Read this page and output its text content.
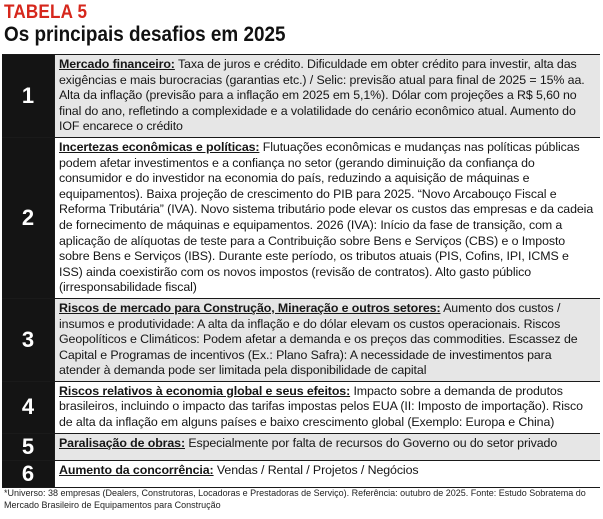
TABELA 5
Os principais desafios em 2025
1
Mercado financeiro: Taxa de juros e crédito. Dificuldade em obter crédito para investir, alta das exigências e mais burocracias (garantias etc.) / Selic: previsão atual para final de 2025 = 15% aa. Alta da inflação (previsão para a inflação em 2025 em 5,1%). Dólar com projeções a R$ 5,60 no final do ano, refletindo a complexidade e a volatilidade do cenário econômico atual. Aumento do IOF encarece o crédito
2
Incertezas econômicas e políticas: Flutuações econômicas e mudanças nas políticas públicas podem afetar investimentos e a confiança no setor (gerando diminuição da confiança do consumidor e do investidor na economia do país, reduzindo a aquisição de máquinas e equipamentos). Baixa projeção de crescimento do PIB para 2025. “Novo Arcabouço Fiscal e Reforma Tributária” (IVA). Novo sistema tributário pode elevar os custos das empresas e da cadeia de fornecimento de máquinas e equipamentos. 2026 (IVA): Início da fase de transição, com a aplicação de alíquotas de teste para a Contribuição sobre Bens e Serviços (CBS) e o Imposto sobre Bens e Serviços (IBS). Durante este período, os tributos atuais (PIS, Cofins, IPI, ICMS e ISS) ainda coexistirão com os novos impostos (revisão de contratos). Alto gasto público (irresponsabilidade fiscal)
3
Riscos de mercado para Construção, Mineração e outros setores: Aumento dos custos / insumos e produtividade: A alta da inflação e do dólar elevam os custos operacionais. Riscos Geopolíticos e Climáticos: Podem afetar a demanda e os preços das commodities. Escassez de Capital e Programas de incentivos (Ex.: Plano Safra): A necessidade de investimentos para atender à demanda pode ser limitada pela disponibilidade de capital
4
Riscos relativos à economia global e seus efeitos: Impacto sobre a demanda de produtos brasileiros, incluindo o impacto das tarifas impostas pelos EUA (II: Imposto de importação). Risco de alta da inflação em alguns países e baixo crescimento global (Exemplo: Europa e China)
5	Paralisação de obras: Especialmente por falta de recursos do Governo ou do setor privado
6	Aumento da concorrência: Vendas / Rental / Projetos / Negócios
*Universo: 38 empresas (Dealers, Construtoras, Locadoras e Prestadoras de Serviço). Referência: outubro de 2025. Fonte: Estudo Sobratema do Mercado Brasileiro de Equipamentos para Construção
